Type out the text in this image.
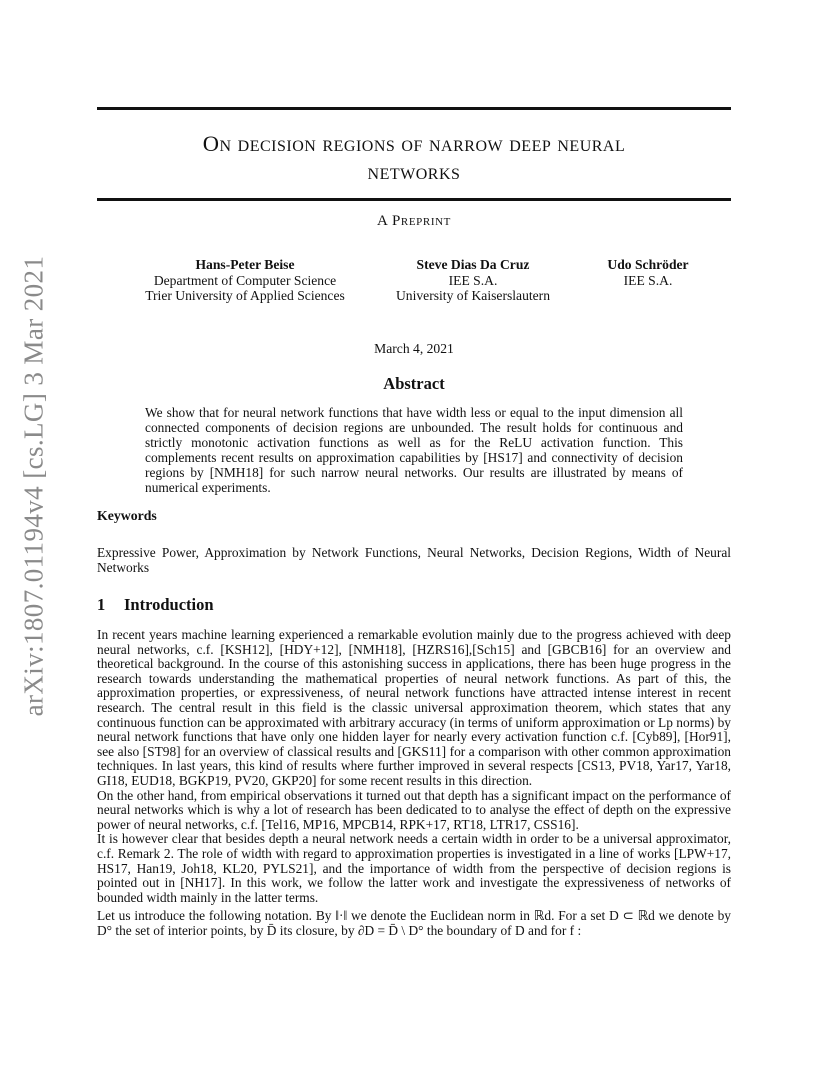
arXiv:1807.01194v4 [cs.LG] 3 Mar 2021
On decision regions of narrow deep neural
networks
A Preprint
Hans-Peter Beise
Department of Computer Science
Trier University of Applied Sciences
Steve Dias Da Cruz
IEE S.A.
University of Kaiserslautern
Udo Schröder
IEE S.A.
March 4, 2021
Abstract
We show that for neural network functions that have width less or equal to the input dimension all connected components of decision regions are unbounded. The result holds for continuous and strictly monotonic activation functions as well as for the ReLU activation function. This complements recent results on approximation capabilities by [HS17] and connectivity of decision regions by [NMH18] for such narrow neural networks. Our results are illustrated by means of numerical experiments.
Keywords
Expressive Power, Approximation by Network Functions, Neural Networks, Decision Regions, Width of Neural Networks
1 Introduction

In recent years machine learning experienced a remarkable evolution mainly due to the progress achieved with deep neural networks, c.f. [KSH12], [HDY+12], [NMH18], [HZRS16],[Sch15] and [GBCB16] for an overview and theoretical background. In the course of this astonishing success in applications, there has been huge progress in the research towards understanding the mathematical properties of neural network functions. As part of this, the approximation properties, or expressiveness, of neural network functions have attracted intense interest in recent research. The central result in this field is the classic universal approximation theorem, which states that any continuous function can be approximated with arbitrary accuracy (in terms of uniform approximation or Lp norms) by neural network functions that have only one hidden layer for nearly every activation function c.f. [Cyb89], [Hor91], see also [ST98] for an overview of classical results and [GKS11] for a comparison with other common approximation techniques. In last years, this kind of results where further improved in several respects [CS13, PV18, Yar17, Yar18, GI18, EUD18, BGKP19, PV20, GKP20] for some recent results in this direction.

On the other hand, from empirical observations it turned out that depth has a significant impact on the performance of neural networks which is why a lot of research has been dedicated to to analyse the effect of depth on the expressive power of neural networks, c.f. [Tel16, MP16, MPCB14, RPK+17, RT18, LTR17, CSS16].

It is however clear that besides depth a neural network needs a certain width in order to be a universal approximator, c.f. Remark 2. The role of width with regard to approximation properties is investigated in a line of works [LPW+17, HS17, Han19, Joh18, KL20, PYLS21], and the importance of width from the perspective of decision regions is pointed out in [NH17]. In this work, we follow the latter work and investigate the expressiveness of networks of bounded width mainly in the latter terms.

Let us introduce the following notation. By ‖·‖ we denote the Euclidean norm in ℝd. For a set D ⊂ ℝd we denote by D° the set of interior points, by D̄ its closure, by ∂D = D̄ \ D° the boundary of D and for f :
